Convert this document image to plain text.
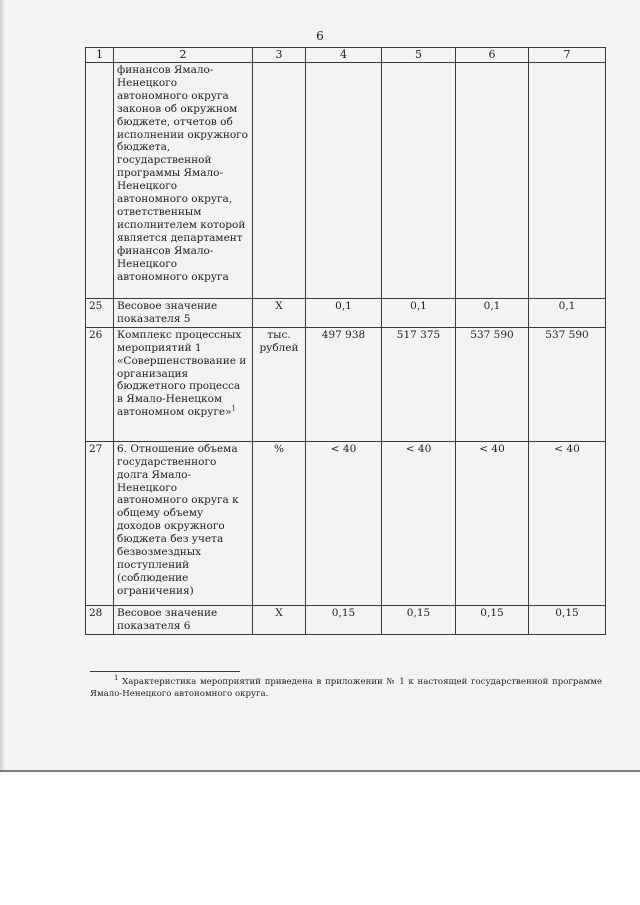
6
1	2	3	4	5	6	7
	финансов Ямало-Ненецкого автономного округа законов об окружном бюджете, отчетов об исполнении окружного бюджета, государственной программы Ямало-Ненецкого автономного округа, ответственным исполнителем которой является департамент финансов Ямало-Ненецкого автономного округа					
25	Весовое значение показателя 5	X	0,1	0,1	0,1	0,1
26	Комплекс процессных мероприятий 1 «Совершенствование и организация бюджетного процесса в Ямало-Ненецком автономном округе»$^1$	тыс. рублей	497 938	517 375	537 590	537 590
27	6. Отношение объема государственного долга Ямало-Ненецкого автономного округа к общему объему доходов окружного бюджета без учета безвозмездных поступлений (соблюдение ограничения)	%	< 40	< 40	< 40	< 40
28	Весовое значение показателя 6	X	0,15	0,15	0,15	0,15
$^1$ Характеристика мероприятий приведена в приложении № 1 к настоящей государственной программе Ямало-Ненецкого автономного округа.
